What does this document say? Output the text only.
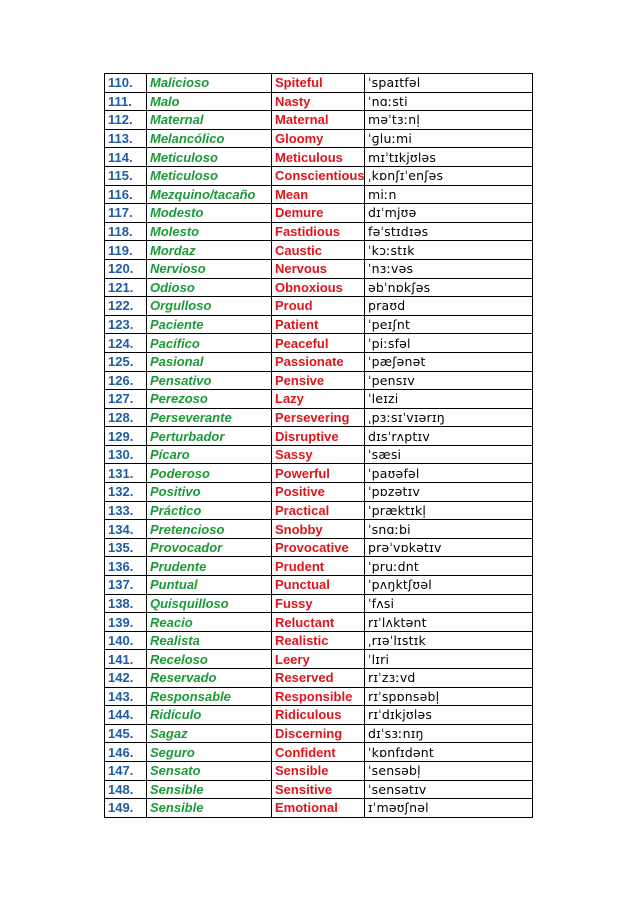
110.	Malicioso	Spiteful	ˈspaɪtfəl
111.	Malo	Nasty	ˈnɑːsti
112.	Maternal	Maternal	məˈtɜːnl̩
113.	Melancólico	Gloomy	ˈɡluːmi
114.	Meticuloso	Meticulous	mɪˈtɪkjʊləs
115.	Meticuloso	Conscientious	ˌkɒnʃɪˈenʃəs
116.	Mezquino/tacaño	Mean	miːn
117.	Modesto	Demure	dɪˈmjʊə
118.	Molesto	Fastidious	fəˈstɪdɪəs
119.	Mordaz	Caustic	ˈkɔːstɪk
120.	Nervioso	Nervous	ˈnɜːvəs
121.	Odioso	Obnoxious	əbˈnɒkʃəs
122.	Orgulloso	Proud	praʊd
123.	Paciente	Patient	ˈpeɪʃnt
124.	Pacífico	Peaceful	ˈpiːsfəl
125.	Pasional	Passionate	ˈpæʃənət
126.	Pensativo	Pensive	ˈpensɪv
127.	Perezoso	Lazy	ˈleɪzi
128.	Perseverante	Persevering	ˌpɜːsɪˈvɪərɪŋ
129.	Perturbador	Disruptive	dɪsˈrʌptɪv
130.	Pícaro	Sassy	ˈsæsi
131.	Poderoso	Powerful	ˈpaʊəfəl
132.	Positivo	Positive	ˈpɒzətɪv
133.	Práctico	Practical	ˈpræktɪkl̩
134.	Pretencioso	Snobby	ˈsnɑːbi
135.	Provocador	Provocative	prəˈvɒkətɪv
136.	Prudente	Prudent	ˈpruːdnt
137.	Puntual	Punctual	ˈpʌŋktʃʊəl
138.	Quisquilloso	Fussy	ˈfʌsi
139.	Reacio	Reluctant	rɪˈlʌktənt
140.	Realista	Realistic	ˌrɪəˈlɪstɪk
141.	Receloso	Leery	ˈlɪri
142.	Reservado	Reserved	rɪˈzɜːvd
143.	Responsable	Responsible	rɪˈspɒnsəbl̩
144.	Ridículo	Ridiculous	rɪˈdɪkjʊləs
145.	Sagaz	Discerning	dɪˈsɜːnɪŋ
146.	Seguro	Confident	ˈkɒnfɪdənt
147.	Sensato	Sensible	ˈsensəbl̩
148.	Sensible	Sensitive	ˈsensətɪv
149.	Sensible	Emotional	ɪˈməʊʃnəl
